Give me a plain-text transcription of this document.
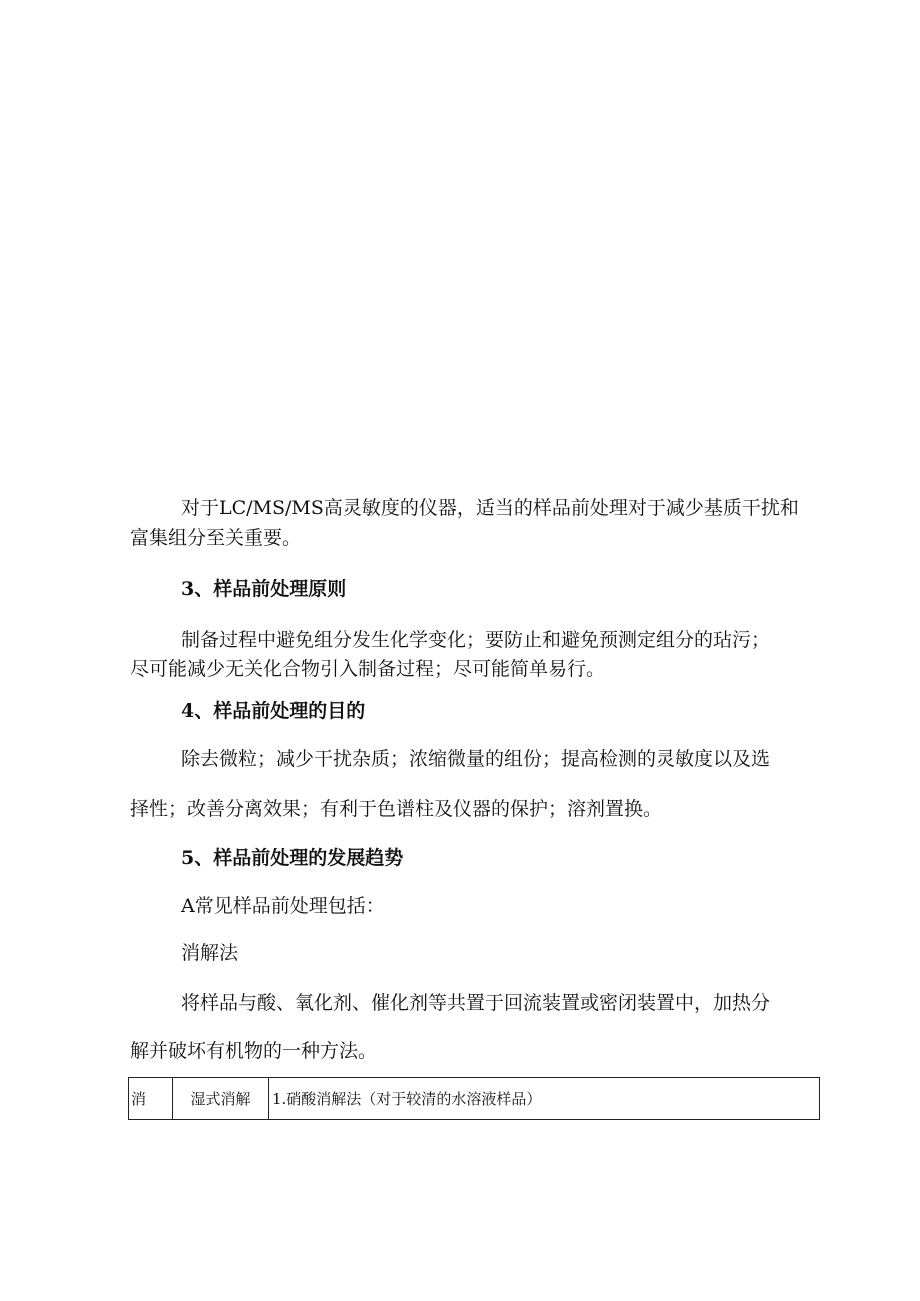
对于LC/MS/MS高灵敏度的仪器，适当的样品前处理对于减少基质干扰和

富集组分至关重要。

3、样品前处理原则

制备过程中避免组分发生化学变化；要防止和避免预测定组分的玷污；

尽可能减少无关化合物引入制备过程；尽可能简单易行。

4、样品前处理的目的

除去微粒；减少干扰杂质；浓缩微量的组份；提高检测的灵敏度以及选

择性；改善分离效果；有利于色谱柱及仪器的保护；溶剂置换。

5、样品前处理的发展趋势

A常见样品前处理包括：

消解法

将样品与酸、氧化剂、催化剂等共置于回流装置或密闭装置中，加热分

解并破坏有机物的一种方法。

消	湿式消解	1.硝酸消解法（对于较清的水溶液样品）
